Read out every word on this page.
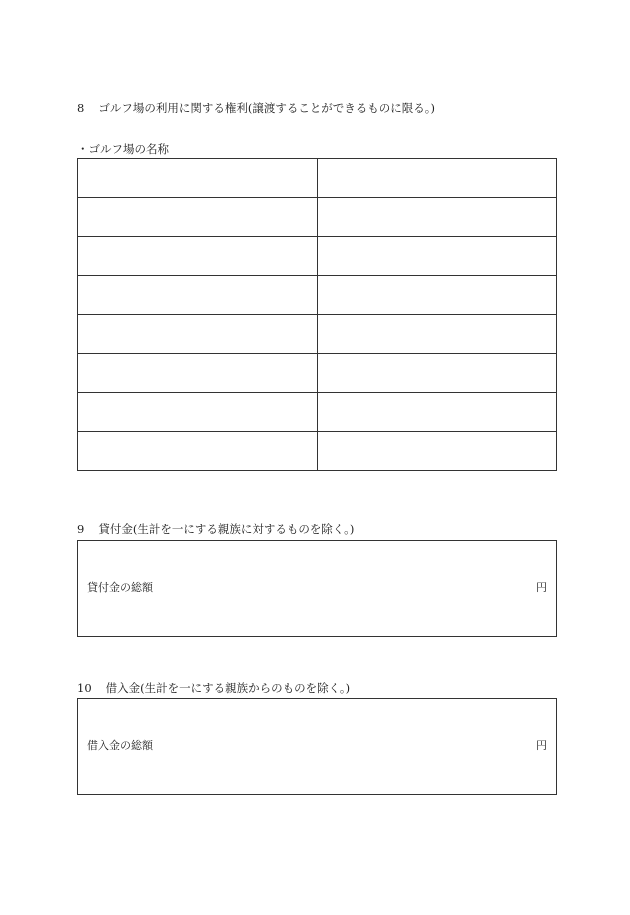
8 ゴルフ場の利用に関する権利(譲渡することができるものに限る。)
・ゴルフ場の名称

9 貸付金(生計を一にする親族に対するものを除く。)
貸付金の総額	円
10 借入金(生計を一にする親族からのものを除く。)
借入金の総額	円
